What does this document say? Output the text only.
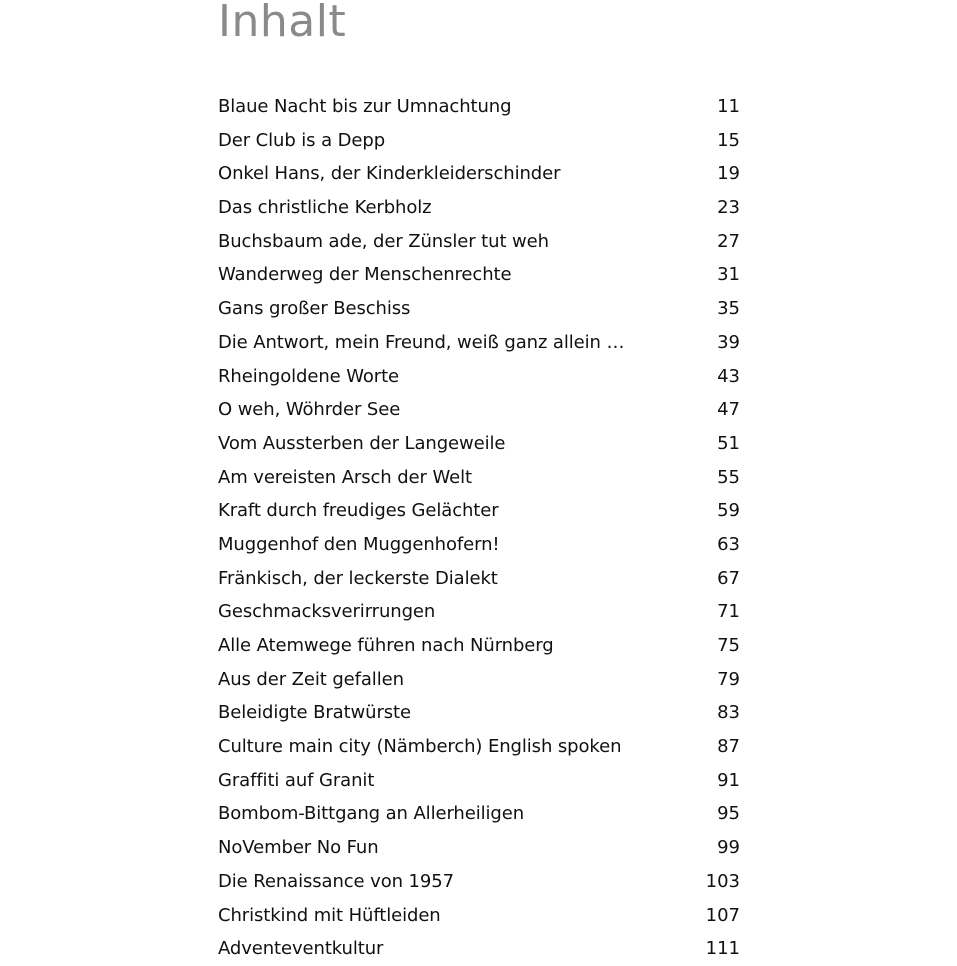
Inhalt
Blaue Nacht bis zur Umnachtung	11
Der Club is a Depp	15
Onkel Hans, der Kinderkleiderschinder	19
Das christliche Kerbholz	23
Buchsbaum ade, der Zünsler tut weh	27
Wanderweg der Menschenrechte	31
Gans großer Beschiss	35
Die Antwort, mein Freund, weiß ganz allein …	39
Rheingoldene Worte	43
O weh, Wöhrder See	47
Vom Aussterben der Langeweile	51
Am vereisten Arsch der Welt	55
Kraft durch freudiges Gelächter	59
Muggenhof den Muggenhofern!	63
Fränkisch, der leckerste Dialekt	67
Geschmacksverirrungen	71
Alle Atemwege führen nach Nürnberg	75
Aus der Zeit gefallen	79
Beleidigte Bratwürste	83
Culture main city (Nämberch) English spoken	87
Graffiti auf Granit	91
Bombom-Bittgang an Allerheiligen	95
NoVember No Fun	99
Die Renaissance von 1957	103
Christkind mit Hüftleiden	107
Adventeventkultur	111
